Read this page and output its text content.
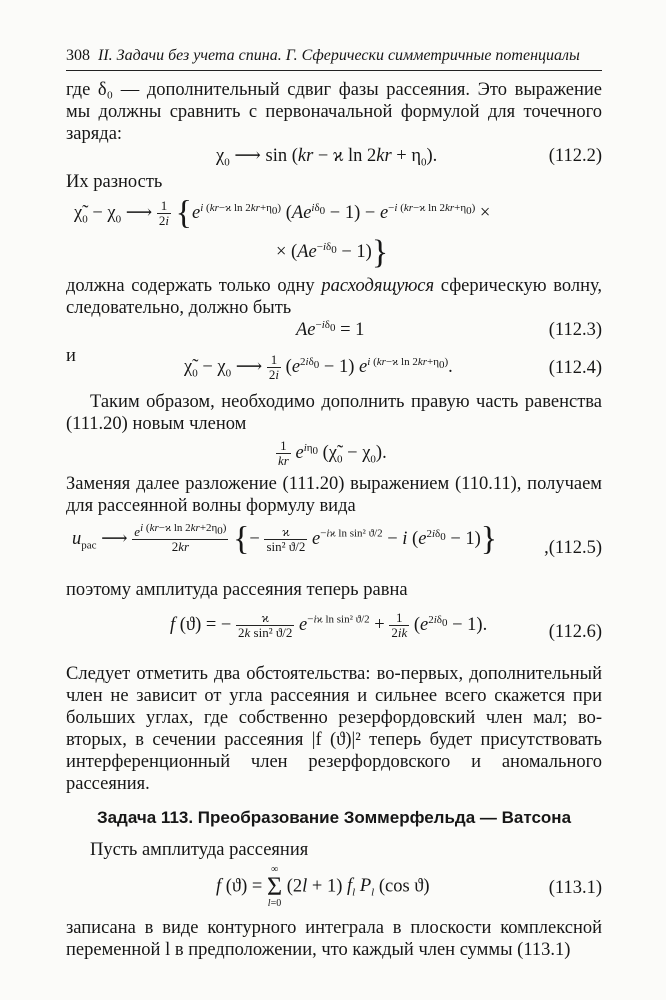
308 II. Задачи без учета спина. Г. Сферически симметричные потенциалы

где δ₀ — дополнительный сдвиг фазы рассеяния. Это выражение мы должны сравнить с первоначальной формулой для точечного заряда:

$\chi_0$ ⟶ sin (kr − ϰ $\ln 2kr + \eta_0$).	(112.2)

Их разность

$\chĩ_0 - \chi_0$ ⟶ $\frac{1}{2i} \{e^{i (kr-ϰ ln 2kr+\eta_0)}$ $(Ae^{i\delta_0} - 1) - e^{-i (kr-ϰ ln 2kr+\eta_0)}$ ×
× $(Ae^{-i\delta_0} - 1)$}

должна содержать только одну расходящуюся сферическую волну, следовательно, должно быть

$Ae^{-i\delta_0} = 1$	(112.3)

и

$\chĩ_0 - \chi_0$ ⟶ $\frac{1}{2i} (e^{2i\delta_0} - 1)$ $e^{i (kr-ϰ ln 2kr+\eta_0)}$.	(112.4)

Таким образом, необходимо дополнить правую часть равенства (111.20) новым членом

$\frac{1}{kr} e^{i\eta_0}$ $(\chĩ_0 - \chi_0)$.

Заменяя далее разложение (111.20) выражением (110.11), получаем для рассеянной волны формулу вида

$u_{рас}$ ⟶ $\frac{e^{i (kr-ϰ ln 2kr+2\eta_0)}}{2kr}$ {− $\frac{ϰ}{\text{sin² ϑ/2}} e^{-iϰ ln sin^2 ϑ/2} - i$ $(e^{2i\delta_0} - 1)$}	,(112.5)

поэтому амплитуда рассеяния теперь равна

f (ϑ) = − $\frac{ϰ}{\text{2k sin² ϑ/2}} e^{-iϰ ln sin^2 ϑ/2} + \frac{1}{2ik} (e^{2i\delta_0} - 1)$.	(112.6)

Следует отметить два обстоятельства: во-первых, дополнительный член не зависит от угла рассеяния и сильнее всего скажется при больших углах, где собственно резерфордовский член мал; во-вторых, в сечении рассеяния |f (ϑ)|² теперь будет присутствовать интерференционный член резерфордовского и аномального рассеяния.

Задача 113. Преобразование Зоммерфельда — Ватсона

Пусть амплитуда рассеяния

f (ϑ) = ∞
Σ
l=0 (2l + 1) $f_l$ $P_l$ (cos ϑ)	(113.1)

записана в виде контурного интеграла в плоскости комплексной переменной l в предположении, что каждый член суммы (113.1)
